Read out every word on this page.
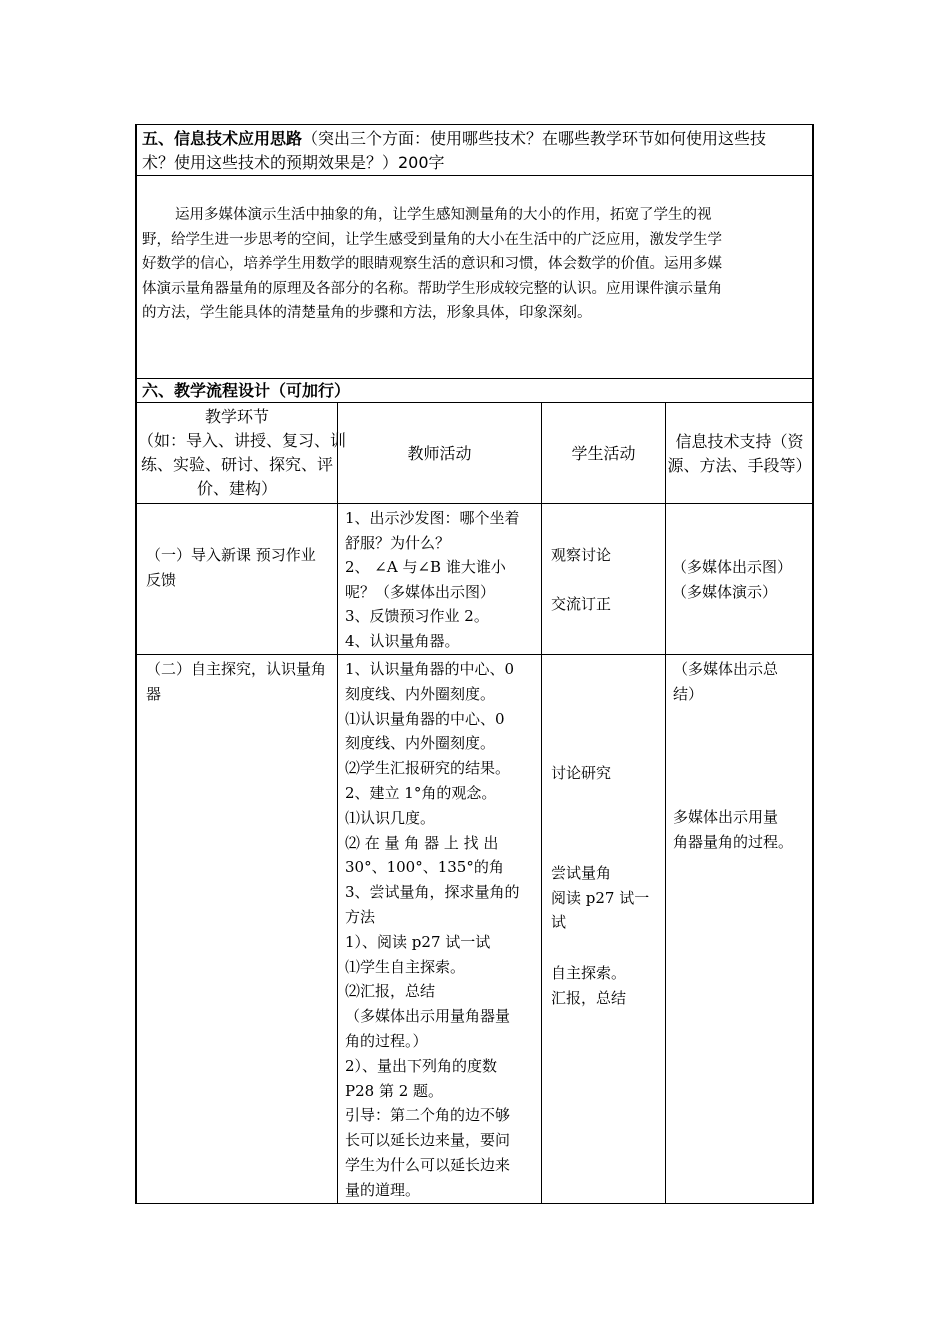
五、信息技术应用思路（突出三个方面：使用哪些技术？在哪些教学环节如何使用这些技
术？使用这些技术的预期效果是？）200字
运用多媒体演示生活中抽象的角，让学生感知测量角的大小的作用，拓宽了学生的视
野，给学生进一步思考的空间，让学生感受到量角的大小在生活中的广泛应用，激发学生学
好数学的信心，培养学生用数学的眼睛观察生活的意识和习惯，体会数学的价值。运用多媒
体演示量角器量角的原理及各部分的名称。帮助学生形成较完整的认识。应用课件演示量角
的方法，学生能具体的清楚量角的步骤和方法，形象具体，印象深刻。
六、教学流程设计（可加行）
教学环节
（如：导入、讲授、复习、训
练、实验、研讨、探究、评
价、建构）
教师活动	学生活动
信息技术支持（资
源、方法、手段等）
（一）导入新课 预习作业
反馈
1、出示沙发图：哪个坐着
舒服？为什么？
2、 ∠A 与∠B 谁大谁小
呢？（多媒体出示图）
3、反馈预习作业 2。
4、认识量角器。
观察讨论

交流订正
（多媒体出示图）
（多媒体演示）
（二）自主探究，认识量角
器
1、认识量角器的中心、0
刻度线、内外圈刻度。
⑴认识量角器的中心、0
刻度线、内外圈刻度。
⑵学生汇报研究的结果。
2、建立 1°角的观念。
⑴认识几度。
⑵ 在 量 角 器 上 找 出
30°、100°、135°的角
3、尝试量角，探求量角的
方法
1）、阅读 p27 试一试
⑴学生自主探索。
⑵汇报，总结
（多媒体出示用量角器量
角的过程。）
2）、量出下列角的度数
P28 第 2 题。
引导：第二个角的边不够
长可以延长边来量，要问
学生为什么可以延长边来
量的道理。
讨论研究
尝试量角
阅读 p27 试一
试
自主探索。
汇报，总结
（多媒体出示总
结）
多媒体出示用量
角器量角的过程。
